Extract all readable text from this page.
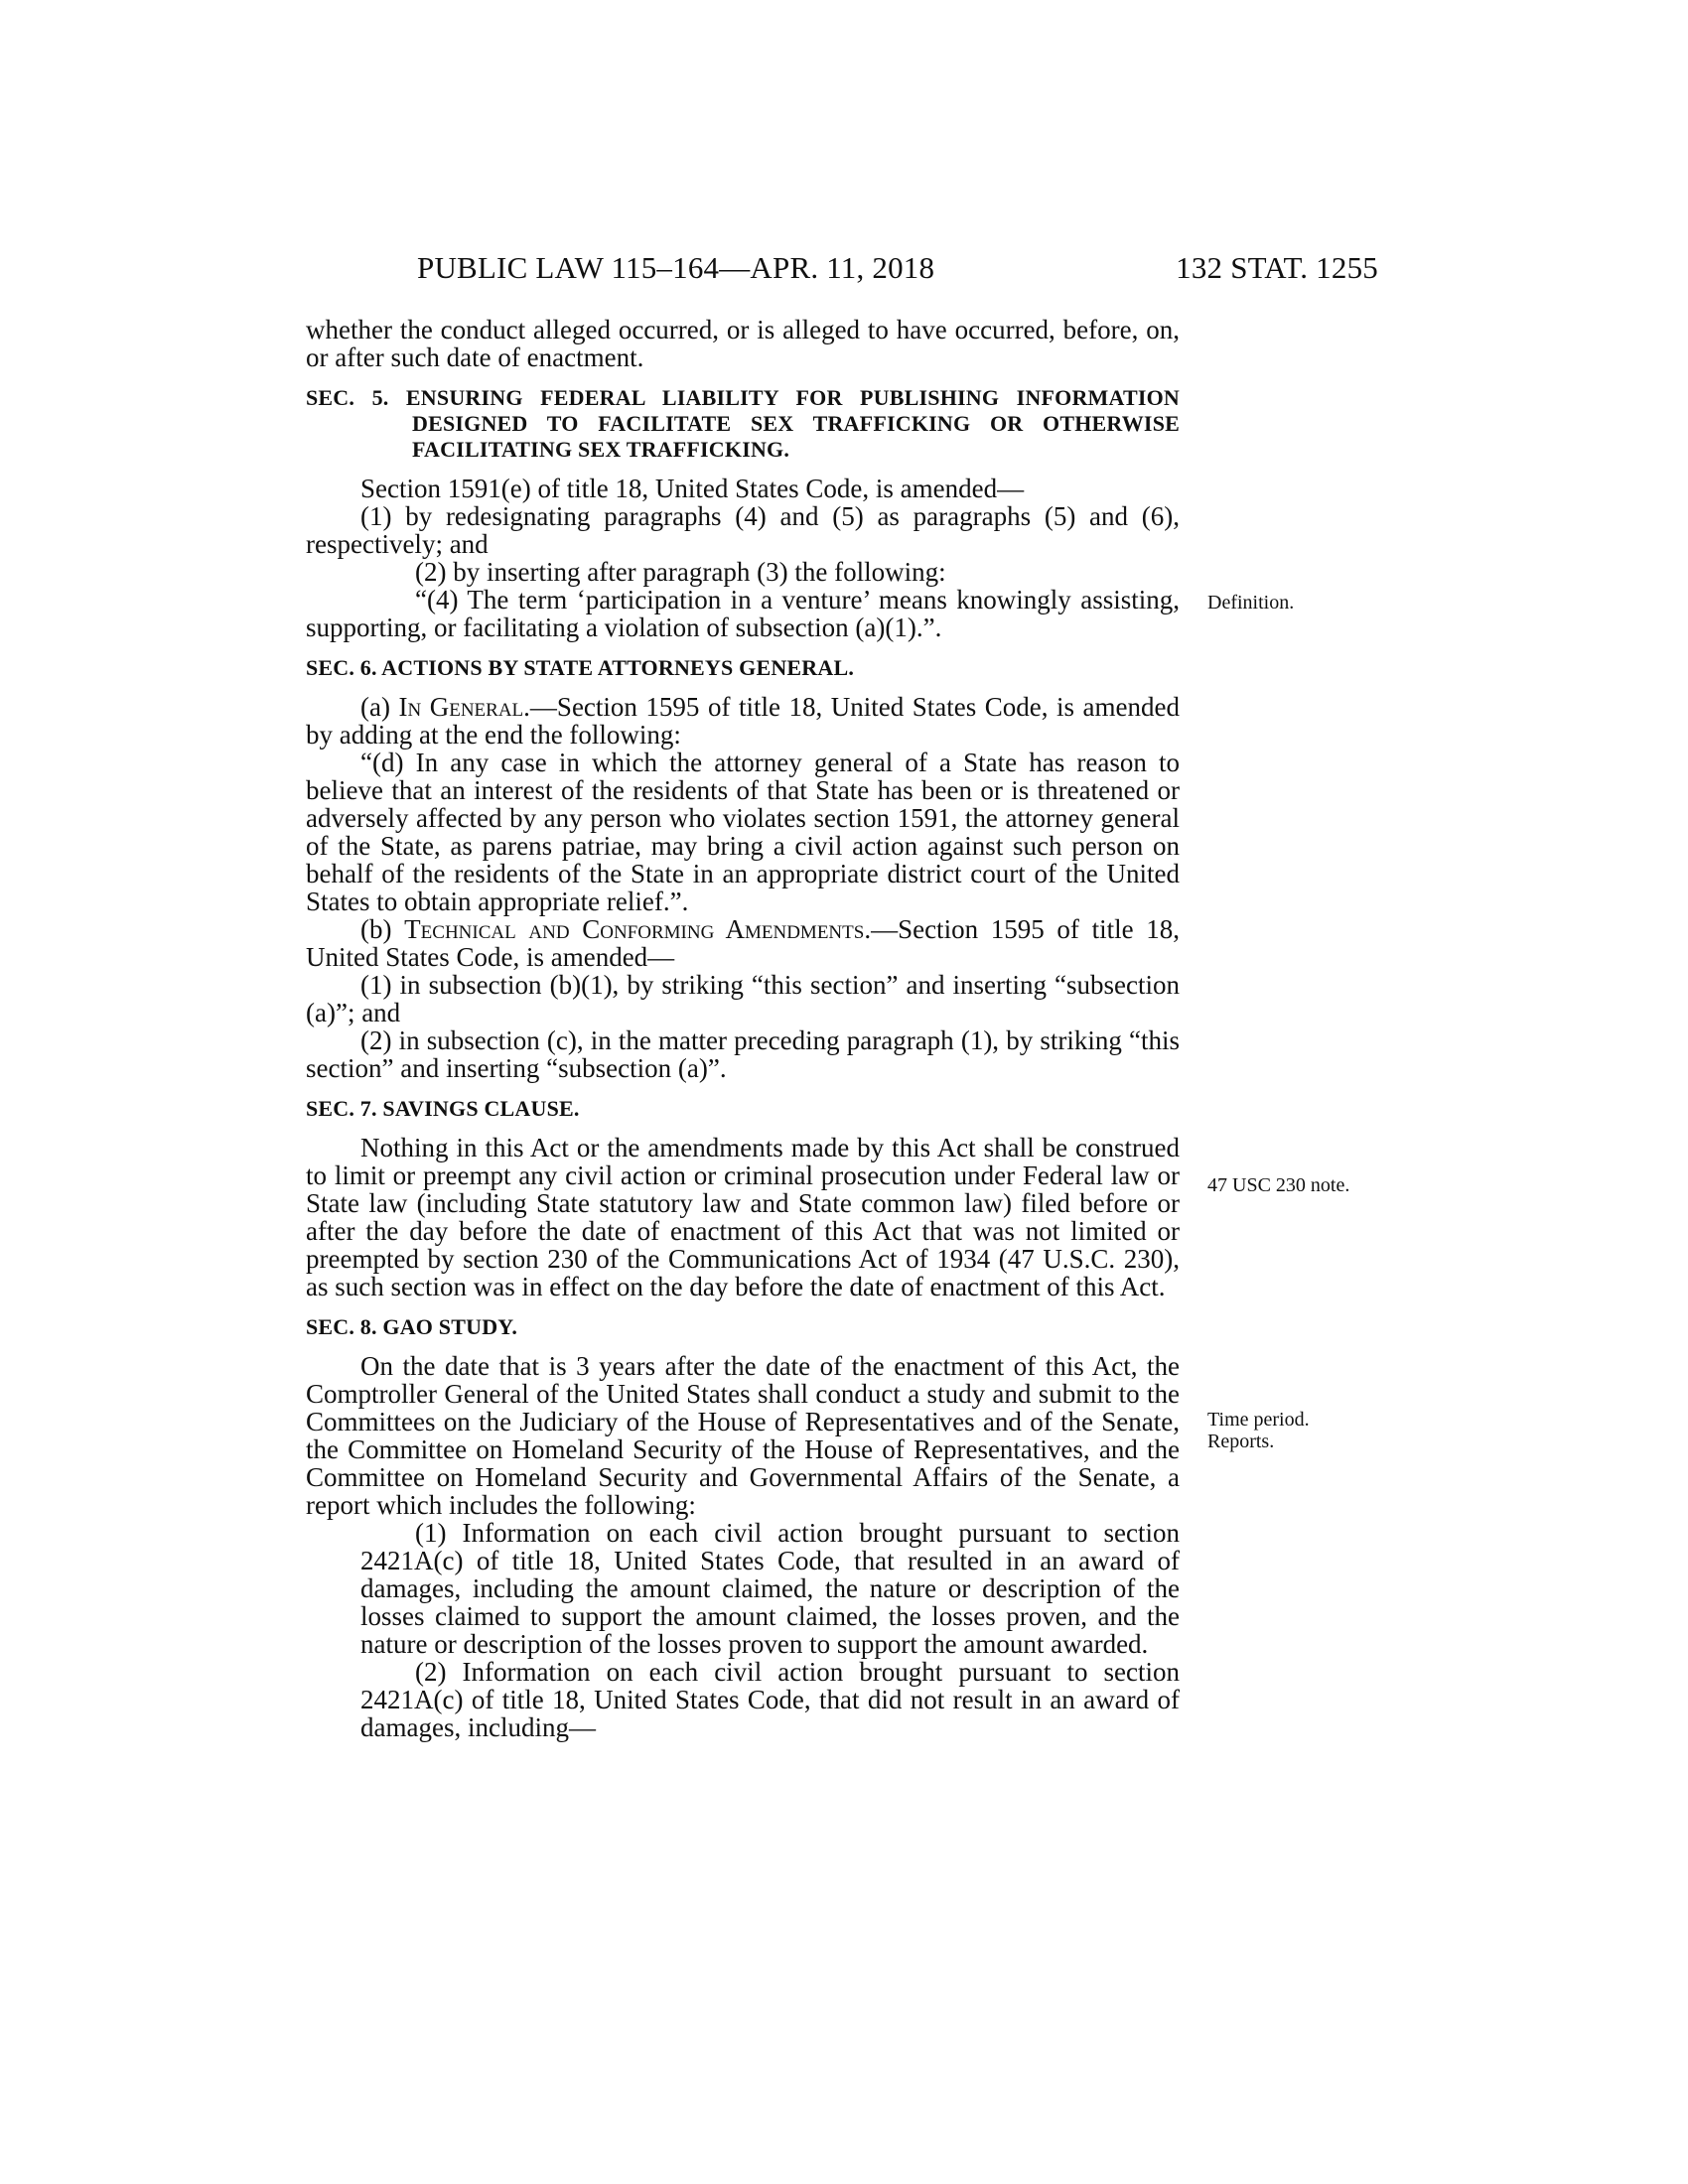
PUBLIC LAW 115–164—APR. 11, 2018	132 STAT. 1255

whether the conduct alleged occurred, or is alleged to have occurred, before, on, or after such date of enactment.

SEC. 5. ENSURING FEDERAL LIABILITY FOR PUBLISHING INFORMATION DESIGNED TO FACILITATE SEX TRAFFICKING OR OTHERWISE FACILITATING SEX TRAFFICKING.

Section 1591(e) of title 18, United States Code, is amended—

(1) by redesignating paragraphs (4) and (5) as paragraphs (5) and (6), respectively; and

(2) by inserting after paragraph (3) the following:

“(4) The term ‘participation in a venture’ means knowingly assisting, supporting, or facilitating a violation of subsection (a)(1).”.

SEC. 6. ACTIONS BY STATE ATTORNEYS GENERAL.

(a) In General.—Section 1595 of title 18, United States Code, is amended by adding at the end the following:

“(d) In any case in which the attorney general of a State has reason to believe that an interest of the residents of that State has been or is threatened or adversely affected by any person who violates section 1591, the attorney general of the State, as parens patriae, may bring a civil action against such person on behalf of the residents of the State in an appropriate district court of the United States to obtain appropriate relief.”.

(b) Technical and Conforming Amendments.—Section 1595 of title 18, United States Code, is amended—

(1) in subsection (b)(1), by striking “this section” and inserting “subsection (a)”; and

(2) in subsection (c), in the matter preceding paragraph (1), by striking “this section” and inserting “subsection (a)”.

SEC. 7. SAVINGS CLAUSE.

Nothing in this Act or the amendments made by this Act shall be construed to limit or preempt any civil action or criminal prosecution under Federal law or State law (including State statutory law and State common law) filed before or after the day before the date of enactment of this Act that was not limited or preempted by section 230 of the Communications Act of 1934 (47 U.S.C. 230), as such section was in effect on the day before the date of enactment of this Act.

SEC. 8. GAO STUDY.

On the date that is 3 years after the date of the enactment of this Act, the Comptroller General of the United States shall conduct a study and submit to the Committees on the Judiciary of the House of Representatives and of the Senate, the Committee on Homeland Security of the House of Representatives, and the Committee on Homeland Security and Governmental Affairs of the Senate, a report which includes the following:

(1) Information on each civil action brought pursuant to section 2421A(c) of title 18, United States Code, that resulted in an award of damages, including the amount claimed, the nature or description of the losses claimed to support the amount claimed, the losses proven, and the nature or description of the losses proven to support the amount awarded.

(2) Information on each civil action brought pursuant to section 2421A(c) of title 18, United States Code, that did not result in an award of damages, including—

Definition.
47 USC 230 note.
Time period.
Reports.
